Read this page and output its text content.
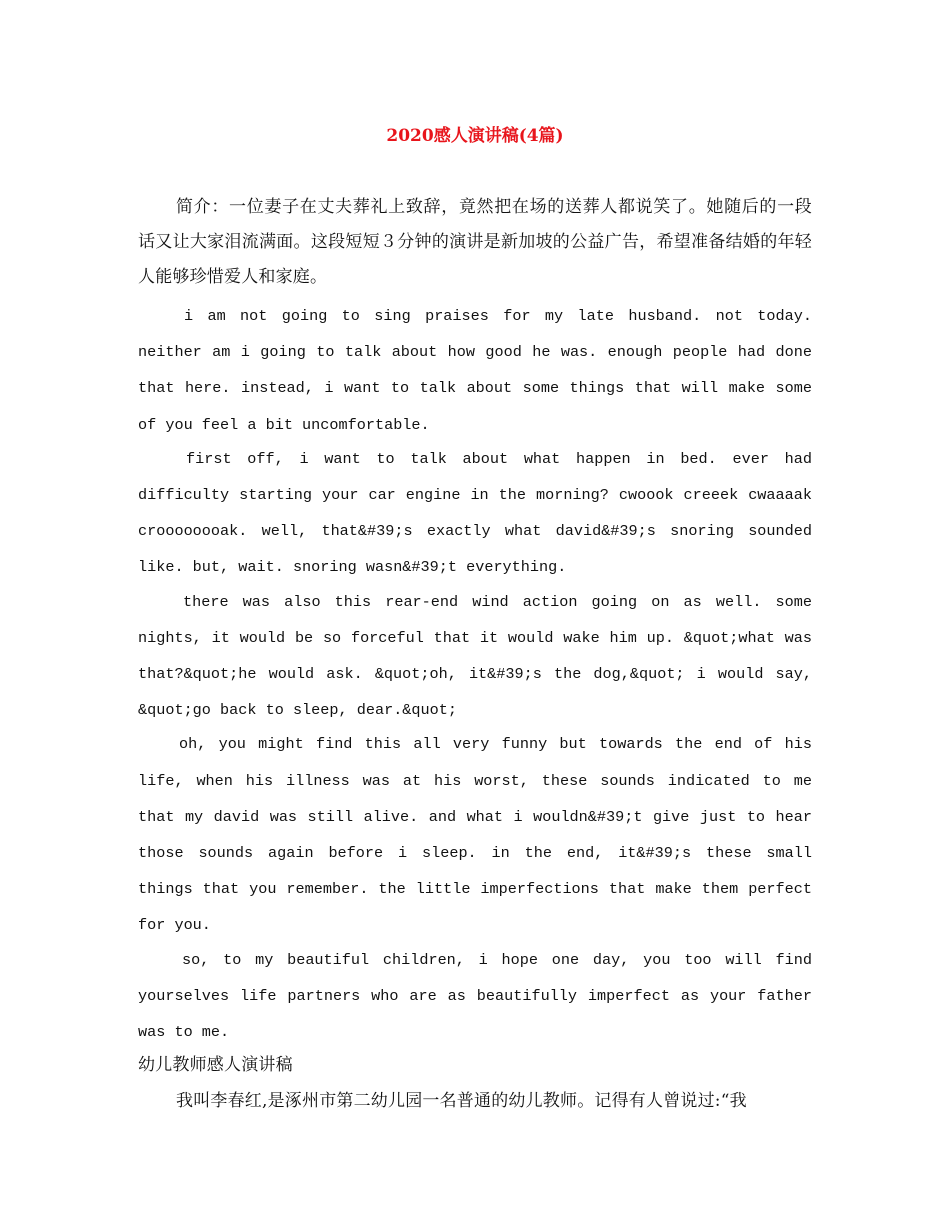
2020感人演讲稿(4篇)

简介：一位妻子在丈夫葬礼上致辞，竟然把在场的送葬人都说笑了。她随后的一段话又让大家泪流满面。这段短短３分钟的演讲是新加坡的公益广告，希望准备结婚的年轻人能够珍惜爱人和家庭。

i am not going to sing praises for my late husband. not today. neither am i going to talk about how good he was. enough people had done that here. instead, i want to talk about some things that will make some of you feel a bit uncomfortable.

first off, i want to talk about what happen in bed. ever had difficulty starting your car engine in the morning? cwoook creeek cwaaaak croooooooak. well, that&#39;s exactly what david&#39;s snoring sounded like. but, wait. snoring wasn&#39;t everything.

there was also this rear-end wind action going on as well. some nights, it would be so forceful that it would wake him up. &quot;what was that?&quot;he would ask. &quot;oh, it&#39;s the dog,&quot; i would say, &quot;go back to sleep, dear.&quot;

oh, you might find this all very funny but towards the end of his life, when his illness was at his worst, these sounds indicated to me that my david was still alive. and what i wouldn&#39;t give just to hear those sounds again before i sleep. in the end, it&#39;s these small things that you remember. the little imperfections that make them perfect for you.

so, to my beautiful children, i hope one day, you too will find yourselves life partners who are as beautifully imperfect as your father was to me.

幼儿教师感人演讲稿

我叫李春红,是涿州市第二幼儿园一名普通的幼儿教师。记得有人曾说过:“我
